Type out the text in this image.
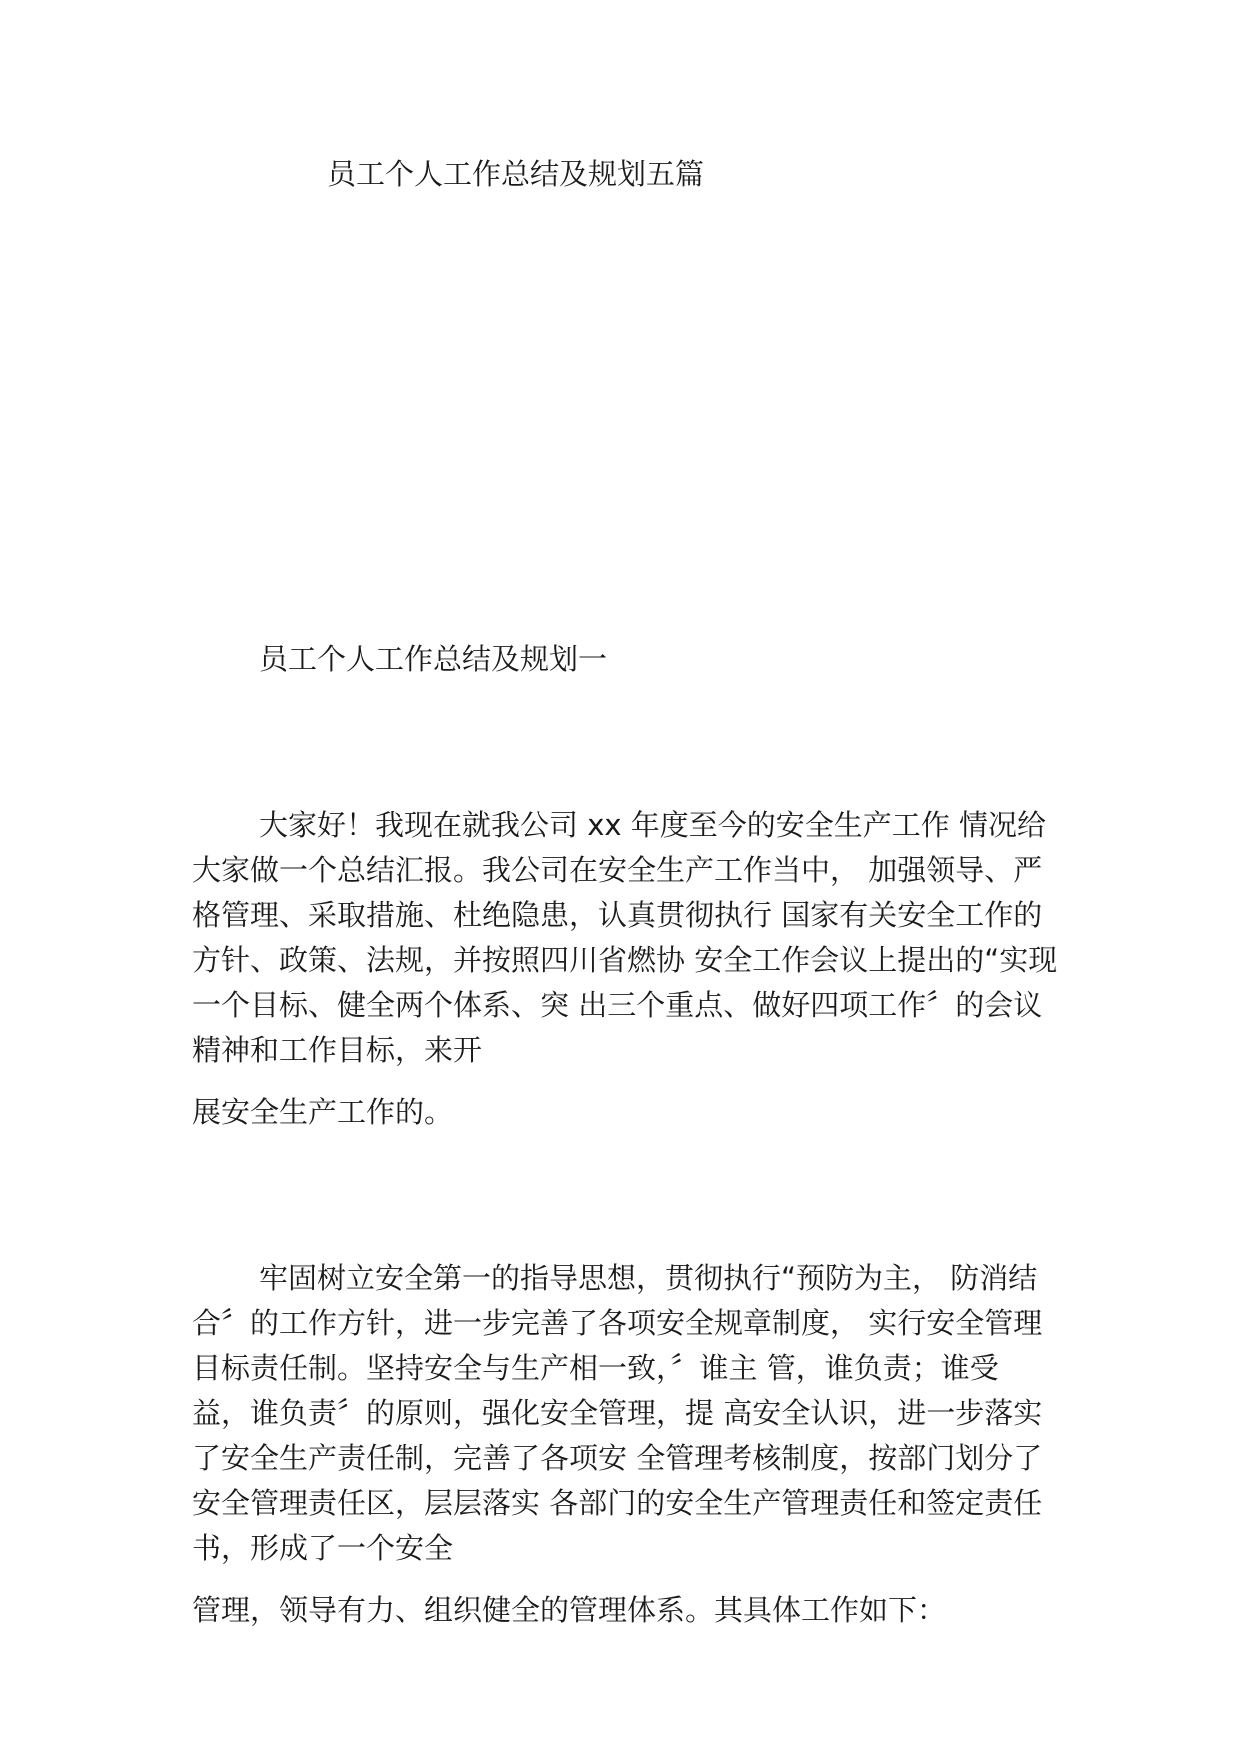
员工个人工作总结及规划五篇
员工个人工作总结及规划一

大家好！我现在就我公司 xx 年度至今的安全生产工作 情况给

大家做一个总结汇报。我公司在安全生产工作当中， 加强领导、严

格管理、采取措施、杜绝隐患，认真贯彻执行 国家有关安全工作的

方针、政策、法规，并按照四川省燃协 安全工作会议上提出的“实现

一个目标、健全两个体系、突 出三个重点、做好四项工作〞的会议

精神和工作目标，来开

展安全生产工作的。

牢固树立安全第一的指导思想，贯彻执行“预防为主， 防消结

合〞的工作方针，进一步完善了各项安全规章制度， 实行安全管理

目标责任制。坚持安全与生产相一致，〞谁主 管，谁负责；谁受

益，谁负责〞的原则，强化安全管理，提 高安全认识，进一步落实

了安全生产责任制，完善了各项安 全管理考核制度，按部门划分了

安全管理责任区，层层落实 各部门的安全生产管理责任和签定责任

书，形成了一个安全

管理，领导有力、组织健全的管理体系。其具体工作如下：
